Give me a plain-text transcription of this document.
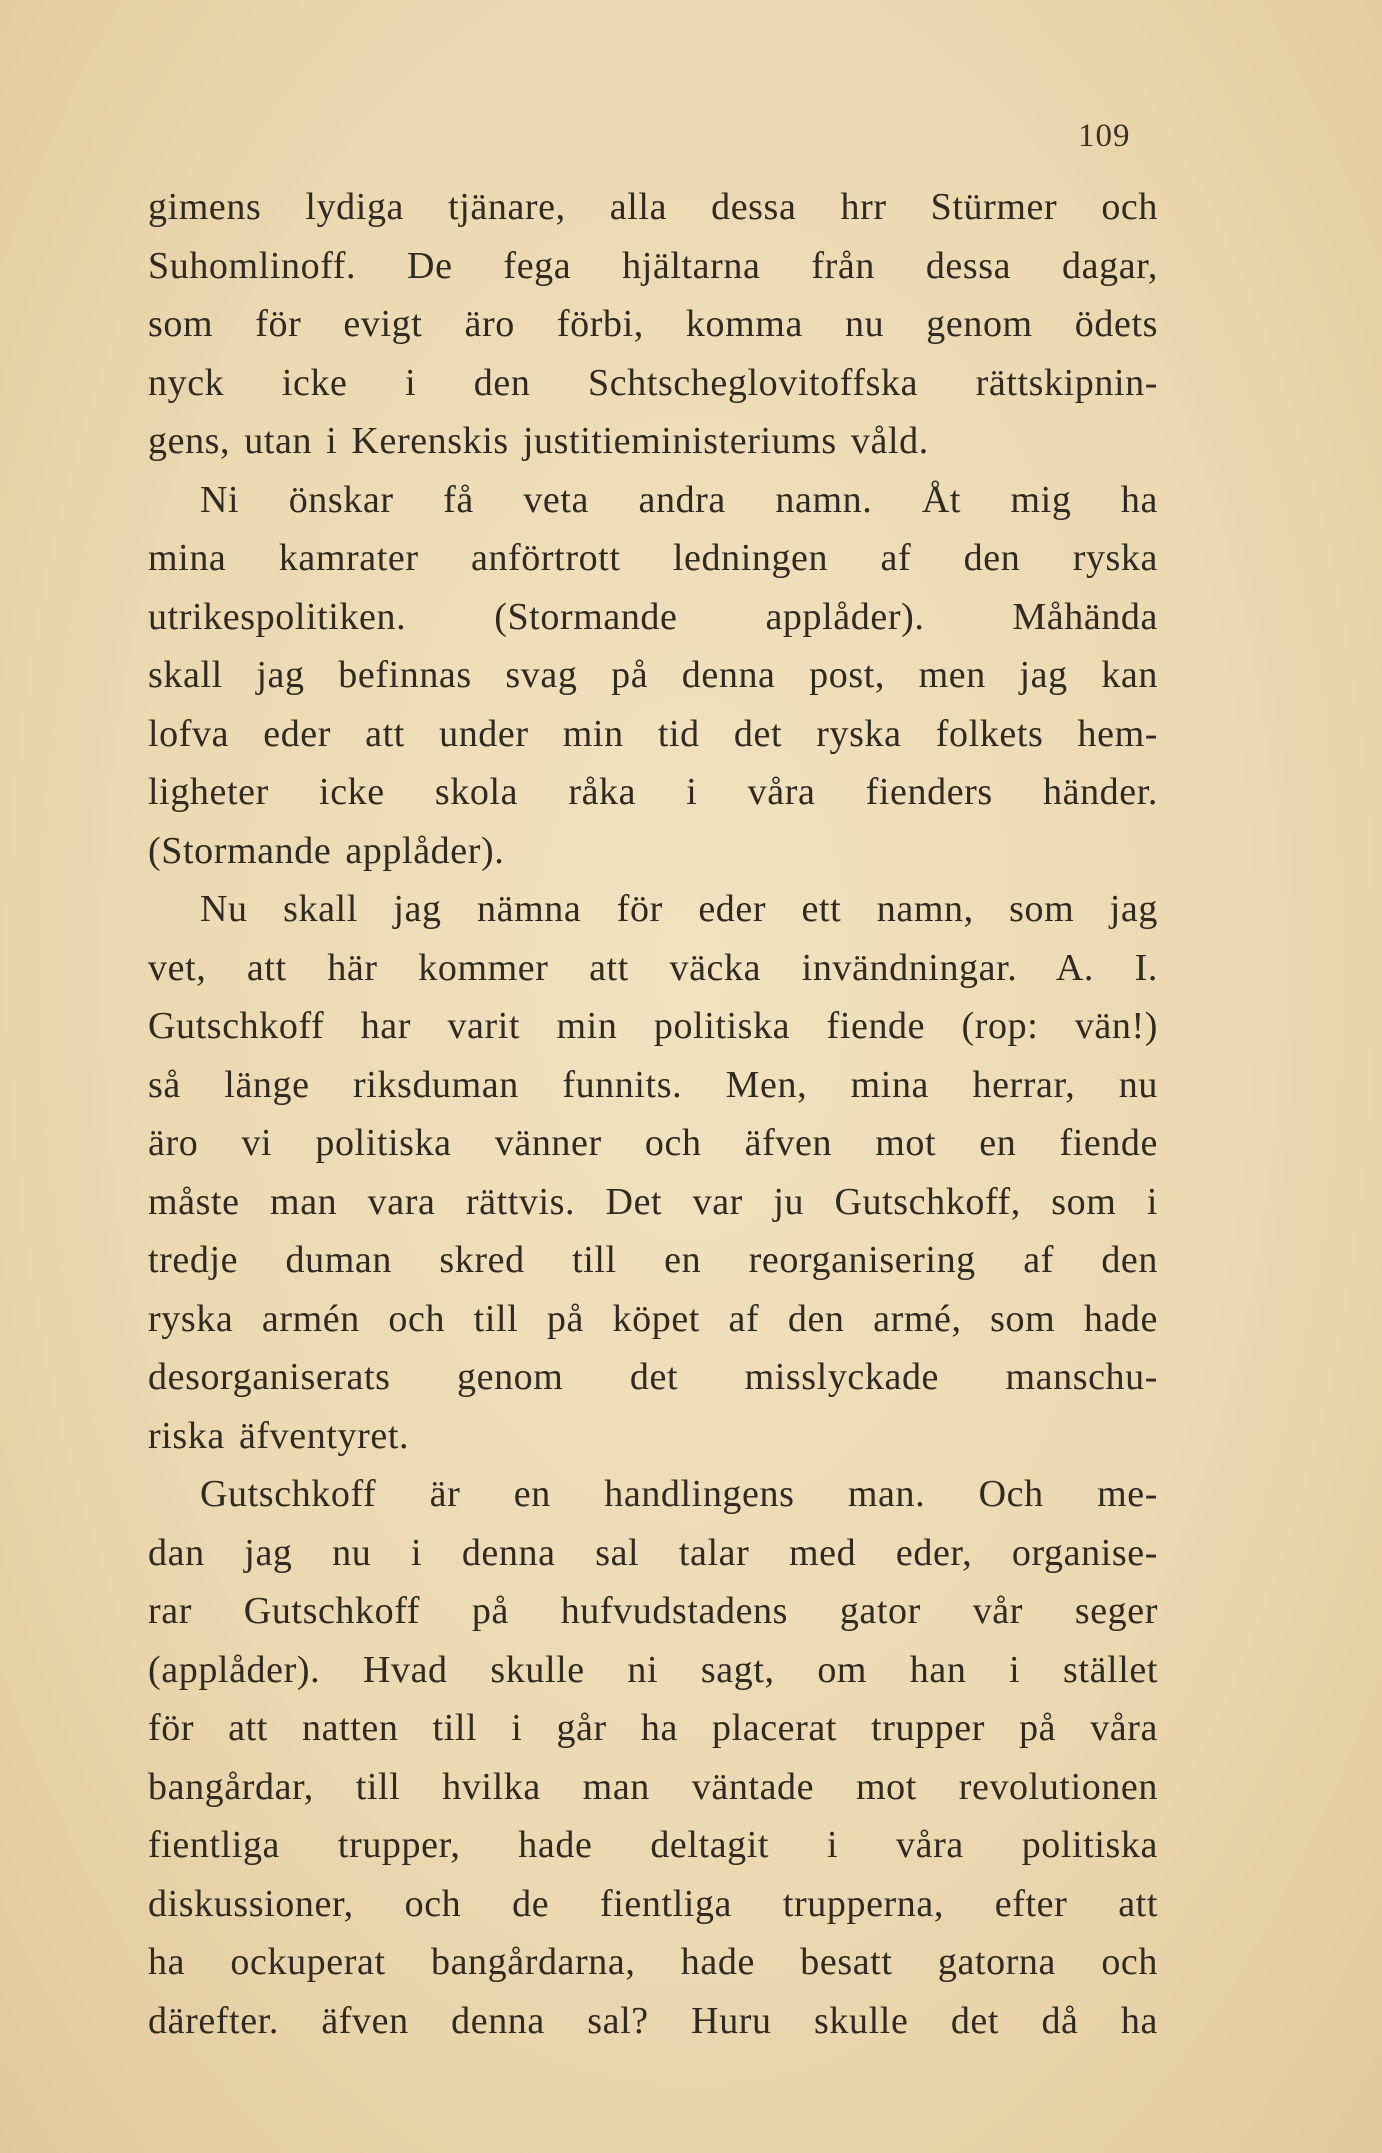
109
gimens lydiga tjänare, alla dessa hrr Stürmer och
Suhomlinoff. De fega hjältarna från dessa dagar,
som för evigt äro förbi, komma nu genom ödets
nyck icke i den Schtscheglovitoffska rättskipnin-
gens, utan i Kerenskis justitieministeriums våld.
Ni önskar få veta andra namn. Åt mig ha
mina kamrater anförtrott ledningen af den ryska
utrikespolitiken. (Stormande applåder). Måhända
skall jag befinnas svag på denna post, men jag kan
lofva eder att under min tid det ryska folkets hem-
ligheter icke skola råka i våra fienders händer.
(Stormande applåder).
Nu skall jag nämna för eder ett namn, som jag
vet, att här kommer att väcka invändningar. A. I.
Gutschkoff har varit min politiska fiende (rop: vän!)
så länge riksduman funnits. Men, mina herrar, nu
äro vi politiska vänner och äfven mot en fiende
måste man vara rättvis. Det var ju Gutschkoff, som i
tredje duman skred till en reorganisering af den
ryska armén och till på köpet af den armé, som hade
desorganiserats genom det misslyckade manschu-
riska äfventyret.
Gutschkoff är en handlingens man. Och me-
dan jag nu i denna sal talar med eder, organise-
rar Gutschkoff på hufvudstadens gator vår seger
(applåder). Hvad skulle ni sagt, om han i stället
för att natten till i går ha placerat trupper på våra
bangårdar, till hvilka man väntade mot revolutionen
fientliga trupper, hade deltagit i våra politiska
diskussioner, och de fientliga trupperna, efter att
ha ockuperat bangårdarna, hade besatt gatorna och
därefter. äfven denna sal? Huru skulle det då ha
